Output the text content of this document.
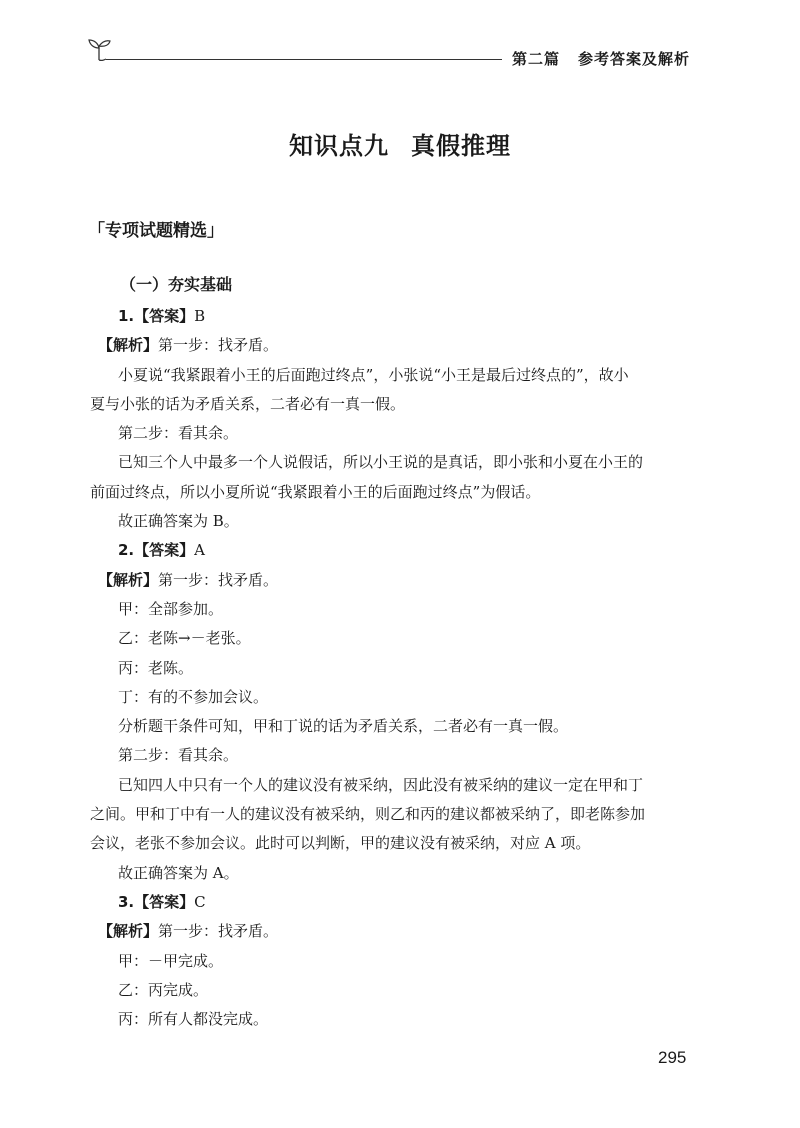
第二篇 参考答案及解析
知识点九 真假推理
「专项试题精选」
（一）夯实基础
1.【答案】B
【解析】第一步：找矛盾。
小夏说“我紧跟着小王的后面跑过终点”，小张说“小王是最后过终点的”，故小
夏与小张的话为矛盾关系，二者必有一真一假。
第二步：看其余。
已知三个人中最多一个人说假话，所以小王说的是真话，即小张和小夏在小王的
前面过终点，所以小夏所说“我紧跟着小王的后面跑过终点”为假话。
故正确答案为 B。
2.【答案】A
【解析】第一步：找矛盾。
甲：全部参加。
乙：老陈→－老张。
丙：老陈。
丁：有的不参加会议。
分析题干条件可知，甲和丁说的话为矛盾关系，二者必有一真一假。
第二步：看其余。
已知四人中只有一个人的建议没有被采纳，因此没有被采纳的建议一定在甲和丁
之间。甲和丁中有一人的建议没有被采纳，则乙和丙的建议都被采纳了，即老陈参加
会议，老张不参加会议。此时可以判断，甲的建议没有被采纳，对应 A 项。
故正确答案为 A。
3.【答案】C
【解析】第一步：找矛盾。
甲：－甲完成。
乙：丙完成。
丙：所有人都没完成。
295
